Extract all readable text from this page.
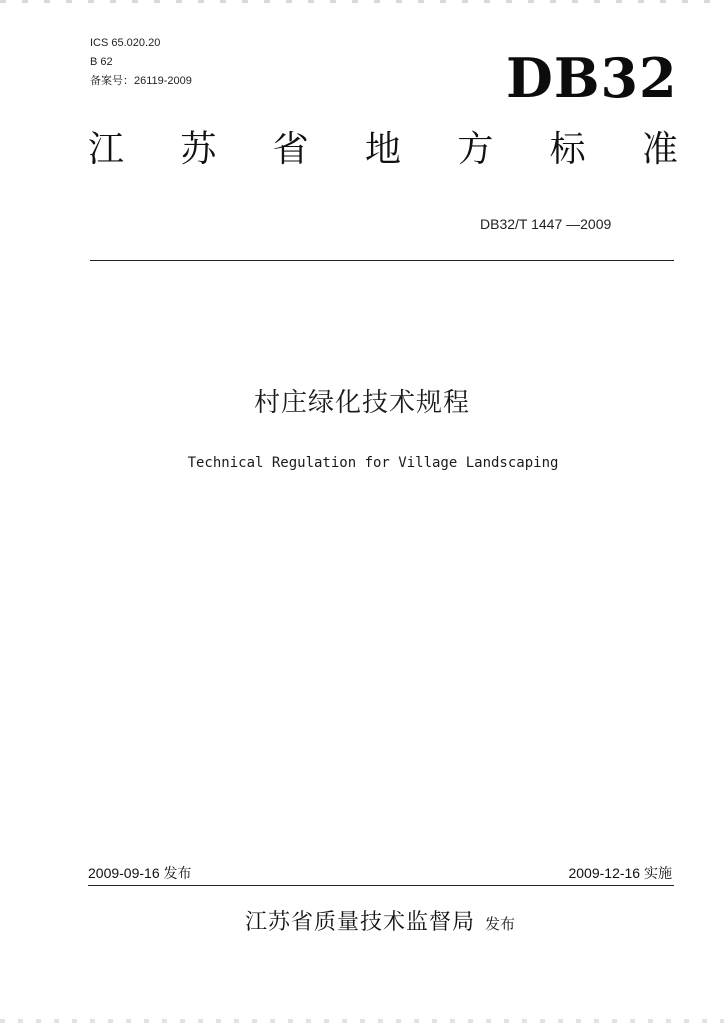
ICS 65.020.20
B 62
备案号：26119-2009	DB32
江 苏 省 地 方 标 准
DB32/T 1447 —2009
村庄绿化技术规程
Technical Regulation for Village Landscaping
2009-09-16 发布	2009-12-16 实施
江苏省质量技术监督局 发布
